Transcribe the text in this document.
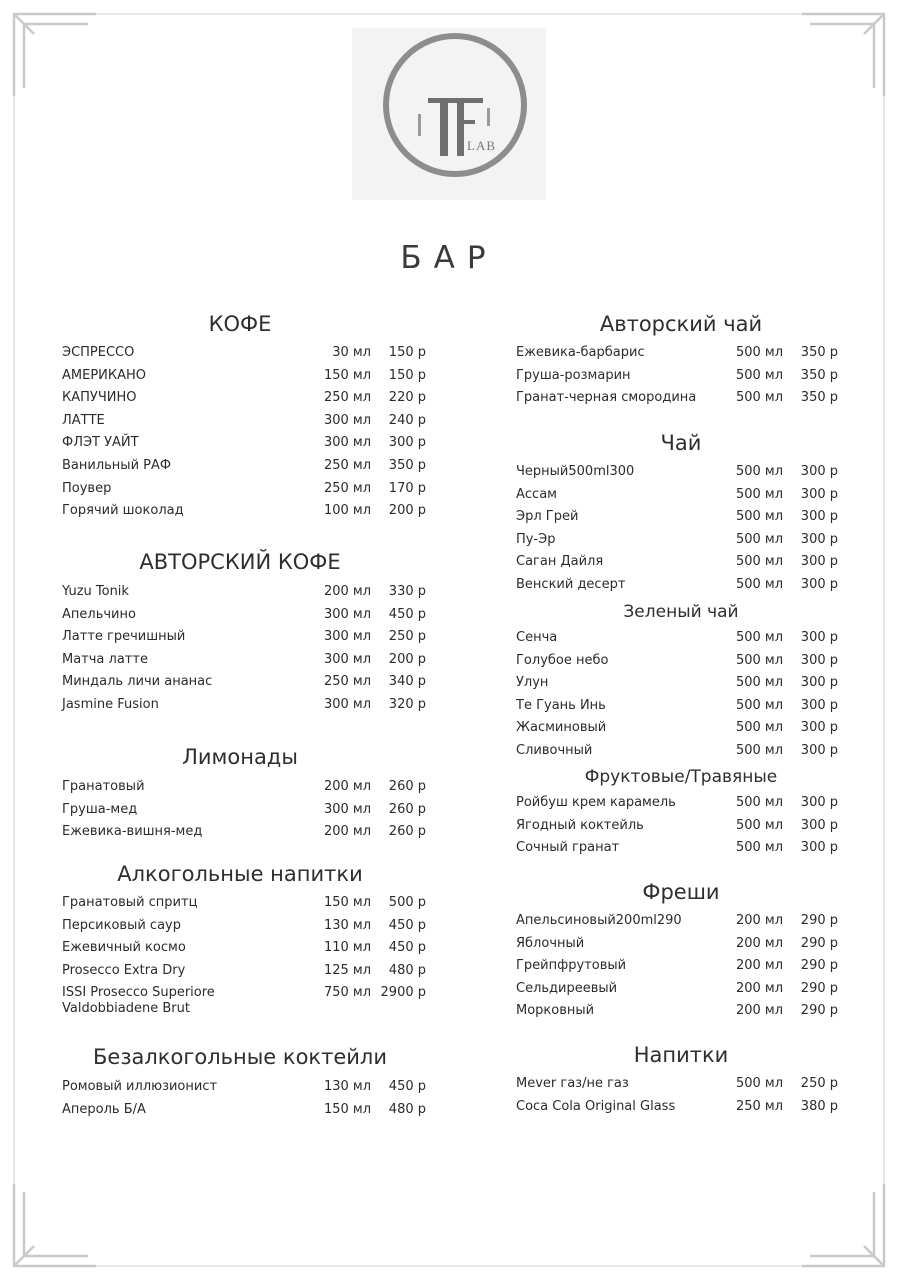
LAB
БАР
КОФЕ
ЭСПРЕССО	30 мл	150 р
АМЕРИКАНО	150 мл	150 р
КАПУЧИНО	250 мл	220 р
ЛАТТЕ	300 мл	240 р
ФЛЭТ УАЙТ	300 мл	300 р
Ванильный РАФ	250 мл	350 р
Поувер	250 мл	170 р
Горячий шоколад	100 мл	200 р
АВТОРСКИЙ КОФЕ
Yuzu Tonik	200 мл	330 р
Апельчино	300 мл	450 р
Латте гречишный	300 мл	250 р
Матча латте	300 мл	200 р
Миндаль личи ананас	250 мл	340 р
Jasmine Fusion	300 мл	320 р
Лимонады
Гранатовый	200 мл	260 р
Груша-мед	300 мл	260 р
Ежевика-вишня-мед	200 мл	260 р
Алкогольные напитки
Гранатовый спритц	150 мл	500 р
Персиковый саур	130 мл	450 р
Ежевичный космо	110 мл	450 р
Prosecco Extra Dry	125 мл	480 р
ISSI Prosecco Superiore Valdobbiadene Brut
750 мл 2900 р
Безалкогольные коктейли
Ромовый иллюзионист	130 мл	450 р
Апероль Б/А	150 мл	480 р
Авторский чай
Ежевика-барбарис	500 мл	350 р
Груша-розмарин	500 мл	350 р
Гранат-черная смородина	500 мл	350 р
Чай
Черный500ml300	500 мл	300 р
Ассам	500 мл	300 р
Эрл Грей	500 мл	300 р
Пу-Эр	500 мл	300 р
Саган Дайля	500 мл	300 р
Венский десерт	500 мл	300 р
Зеленый чай
Сенча	500 мл	300 р
Голубое небо	500 мл	300 р
Улун	500 мл	300 р
Те Гуань Инь	500 мл	300 р
Жасминовый	500 мл	300 р
Сливочный	500 мл	300 р
Фруктовые/Травяные
Ройбуш крем карамель	500 мл	300 р
Ягодный коктейль	500 мл	300 р
Сочный гранат	500 мл	300 р
Фреши
Апельсиновый200ml290	200 мл	290 р
Яблочный	200 мл	290 р
Грейпфрутовый	200 мл	290 р
Сельдиреевый	200 мл	290 р
Морковный	200 мл	290 р
Напитки
Mever газ/не газ	500 мл	250 р
Coca Cola Original Glass	250 мл	380 р
